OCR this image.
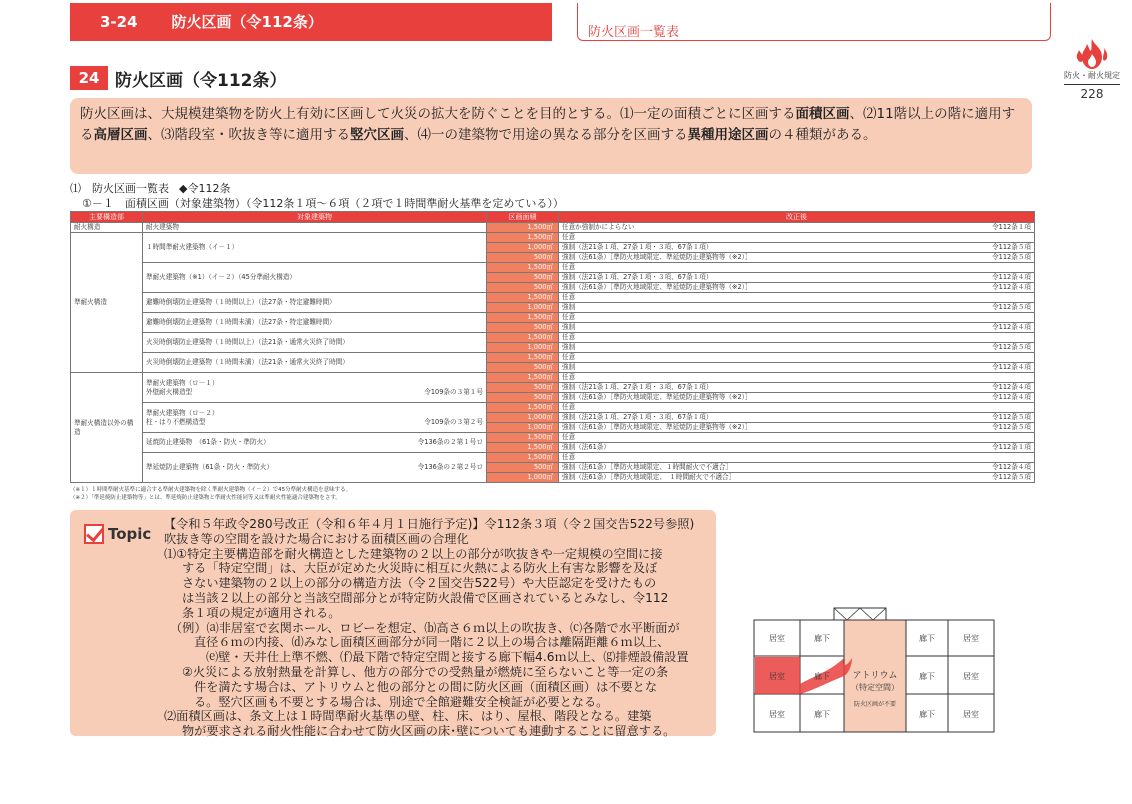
3-24 防火区画（令112条）
防火区画一覧表
防火・耐火規定
228
24 防火区画（令112条）
防火区画は、大規模建築物を防火上有効に区画して火災の拡大を防ぐことを目的とする。⑴一定の面積ごとに区画する面積区画、⑵11階以上の階に適用する高層区画、⑶階段室・吹抜き等に適用する竪穴区画、⑷一の建築物で用途の異なる部分を区画する異種用途区画の４種類がある。
⑴　防火区画一覧表 ◆令112条
①－１　面積区画（対象建築物）（令112条１項～６項（２項で１時間準耐火基準を定めている））
主要構造部	対象建築物	区画面積	改正後
耐火構造	耐火建築物	1,500㎡	任意か強制かによらない 令112条１項

準耐火構造	１時間準耐火建築物（イ－１）	1,500㎡	任意

		1,000㎡	強制（法21条１項、27条１項・３項、67条１項） 令112条５項

		500㎡	強制（法61条）［準防火地域限定、準延焼防止建築物等（※2）］ 令112条５項

	準耐火建築物（※1）（イ－２）（45分準耐火構造）	1,500㎡	任意

		500㎡	強制（法21条１項、27条１項・３項、67条１項） 令112条４項

		500㎡	強制（法61条）［準防火地域限定、準延焼防止建築物等（※2）］ 令112条４項

	避難時倒壊防止建築物（１時間以上）（法27条・特定避難時間）	1,500㎡	任意

		1,000㎡	強制 令112条５項

	避難時倒壊防止建築物（１時間未満）（法27条・特定避難時間）	1,500㎡	任意

		500㎡	強制 令112条４項

	火災時倒壊防止建築物（１時間以上）（法21条・通常火災終了時間）	1,500㎡	任意

		1,000㎡	強制 令112条５項

	火災時倒壊防止建築物（１時間未満）（法21条・通常火災終了時間）	1,500㎡	任意

		500㎡	強制 令112条４項

準耐火構造以外の構造	準耐火建築物（ロ－１）
外壁耐火構造型 令109条の３第１号	1,500㎡	任意

		500㎡	強制（法21条１項、27条１項・３項、67条１項） 令112条４項

		500㎡	強制（法61条）［準防火地域限定、準延焼防止建築物等（※2）］ 令112条４項

	準耐火建築物（ロ－２）
柱・はり不燃構造型 令109条の３第２号	1,500㎡	任意

		1,000㎡	強制（法21条１項、27条１項・３項、67条１項） 令112条５項

		1,000㎡	強制（法61条）［準防火地域限定、準延焼防止建築物等（※2）］ 令112条５項

	令136条の２第１号ロ
延焼防止建築物　（61条・防火・準防火）	1,500㎡	任意

		1,500㎡	強制（法61条） 令112条１項

	令136条の２第２号ロ
準延焼防止建築物（61条・防火・準防火）	1,500㎡	任意

		500㎡	強制（法61条）［準防火地域限定、１時間耐火で不適合］ 令112条４項

		1,000㎡	強制（法61条）［準防火地域限定、　１時間耐火で不適合］ 令112条５項
（※１）１時間準耐火基準に適合する準耐火建築物を除く準耐火建築物（イ－２）で45分準耐火構造を意味する。
（※２）「準延焼防止建築物等」とは、準延焼防止建築物と準耐火性能同等又は準耐火性能適合建築物をさす。
Topic

【令和５年政令280号改正（令和６年４月１日施行予定)】令112条３項（令２国交告522号参照)

吹抜き等の空間を設けた場合における面積区画の合理化

⑴①特定主要構造部を耐火構造とした建築物の２以上の部分が吹抜きや一定規模の空間に接

する「特定空間」は、大臣が定めた火災時に相互に火熱による防火上有害な影響を及ぼ

さない建築物の２以上の部分の構造方法（令２国交告522号）や大臣認定を受けたもの

は当該２以上の部分と当該空間部分とが特定防火設備で区画されているとみなし、令112

条１項の規定が適用される。

（例）⒜非居室で玄関ホール、ロビーを想定、⒝高さ６ｍ以上の吹抜き、⒞各階で水平断面が

直径６ｍの内接、⒟みなし面積区画部分が同一階に２以上の場合は離隔距離６ｍ以上、

⒠壁・天井仕上準不燃、⒡最下階で特定空間と接する廊下幅4.6ｍ以上、⒢排煙設備設置

②火災による放射熱量を計算し、他方の部分での受熱量が燃焼に至らないこと等一定の条

件を満たす場合は、アトリウムと他の部分との間に防火区画（面積区画）は不要とな

る。竪穴区画も不要とする場合は、別途で全館避難安全検証が必要となる。

⑵面積区画は、条文上は１時間準耐火基準の壁、柱、床、はり、屋根、階段となる。建築

物が要求される耐火性能に合わせて防火区画の床･壁についても連動することに留意する。

居室	廊下
居室	廊下
居室	廊下
廊下	居室
廊下	居室
廊下	居室
アトリウム
（特定空間）
防火区画が不要
